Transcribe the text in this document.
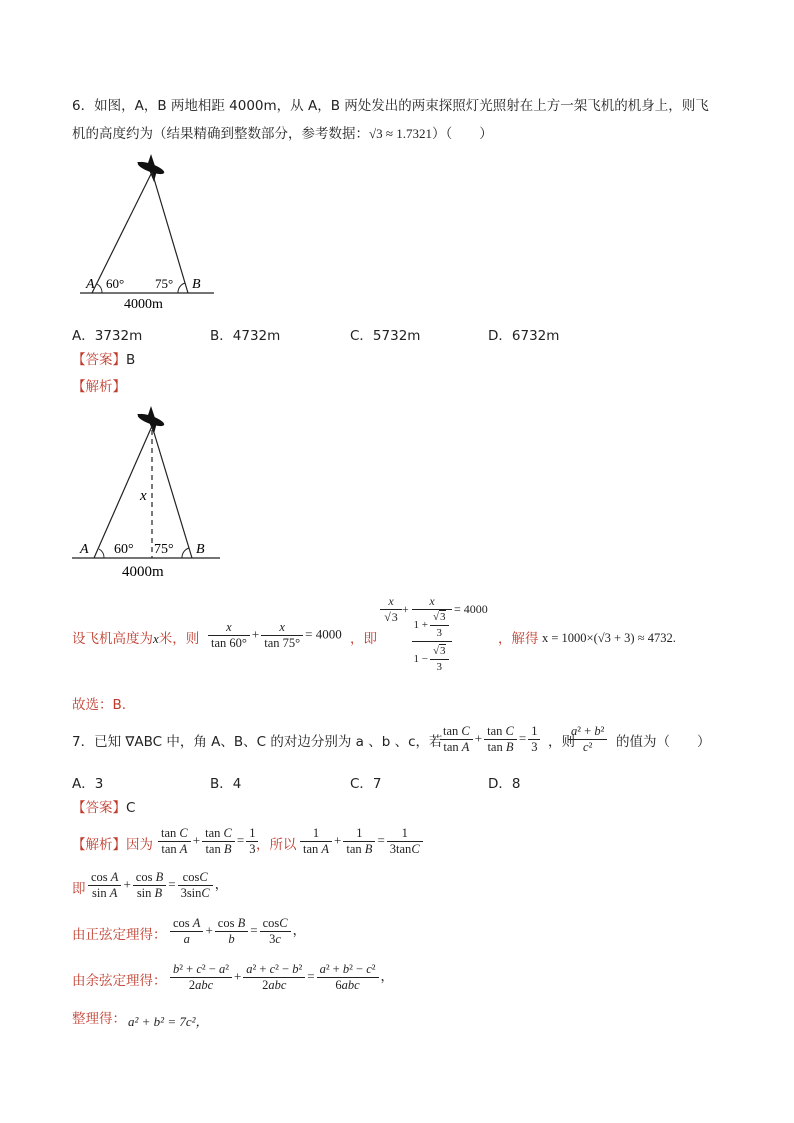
6．如图，A，B 两地相距 4000m，从 A，B 两处发出的两束探照灯光照射在上方一架飞机的机身上，则飞
机的高度约为（结果精确到整数部分，参考数据：√3 ≈ 1.7321）（　　）
A 60° 75° B
4000m
A．3732m	B．4732m	C．5732m	D．6732m
【答案】B
【解析】
x
A 60° 75° B
4000m
设飞机高度为x米，则 $\frac{x}{\tan 60^\circ} + \frac{x}{\tan 75^\circ} = 4000$ ，即
x
√3
+
x
$1 + \frac{√3}{3}$
$1 - \frac{√3}{3}$
= 4000
，解得 x = 1000×(√3 + 3) ≈ 4732.
故选：B.
7．已知 ∇ABC 中，角 A、B、C 的对边分别为 a 、b 、c，若
$\frac{\text{tan C}}{\text{tan A}} + \frac{\text{tan C}}{\text{tan B}} = \frac{1}{3}$ ，则
$\frac{\text{a² + b²}}{\text{c²}}$ 的值为（　　）
A．3	B．4	C．7	D．8
【答案】C
【解析】因为 $\frac{\text{tan C}}{\text{tan A}} + \frac{\text{tan C}}{\text{tan B}} = \frac{1}{3}$
，所以 $\frac{1}{\text{tan A}} + \frac{1}{\text{tan B}} = \frac{1}{3\tan C}$
即 $\frac{\text{cos A}}{\text{sin A}} + \frac{\text{cos B}}{\text{sin B}} = \frac{\cos C}{3\sin C}$ ，
由正弦定理得： $\frac{\text{cos A}}{a} + \frac{\text{cos B}}{b} = \frac{\cos C}{3c}$ ，
由余弦定理得： $\frac{\text{b² + c² − a²}}{\text{2abc}} + \frac{\text{a² + c² − b²}}{\text{2abc}} = \frac{\text{a² + b² − c²}}{\text{6abc}}$ ，
整理得： a² + b² = 7c²，
